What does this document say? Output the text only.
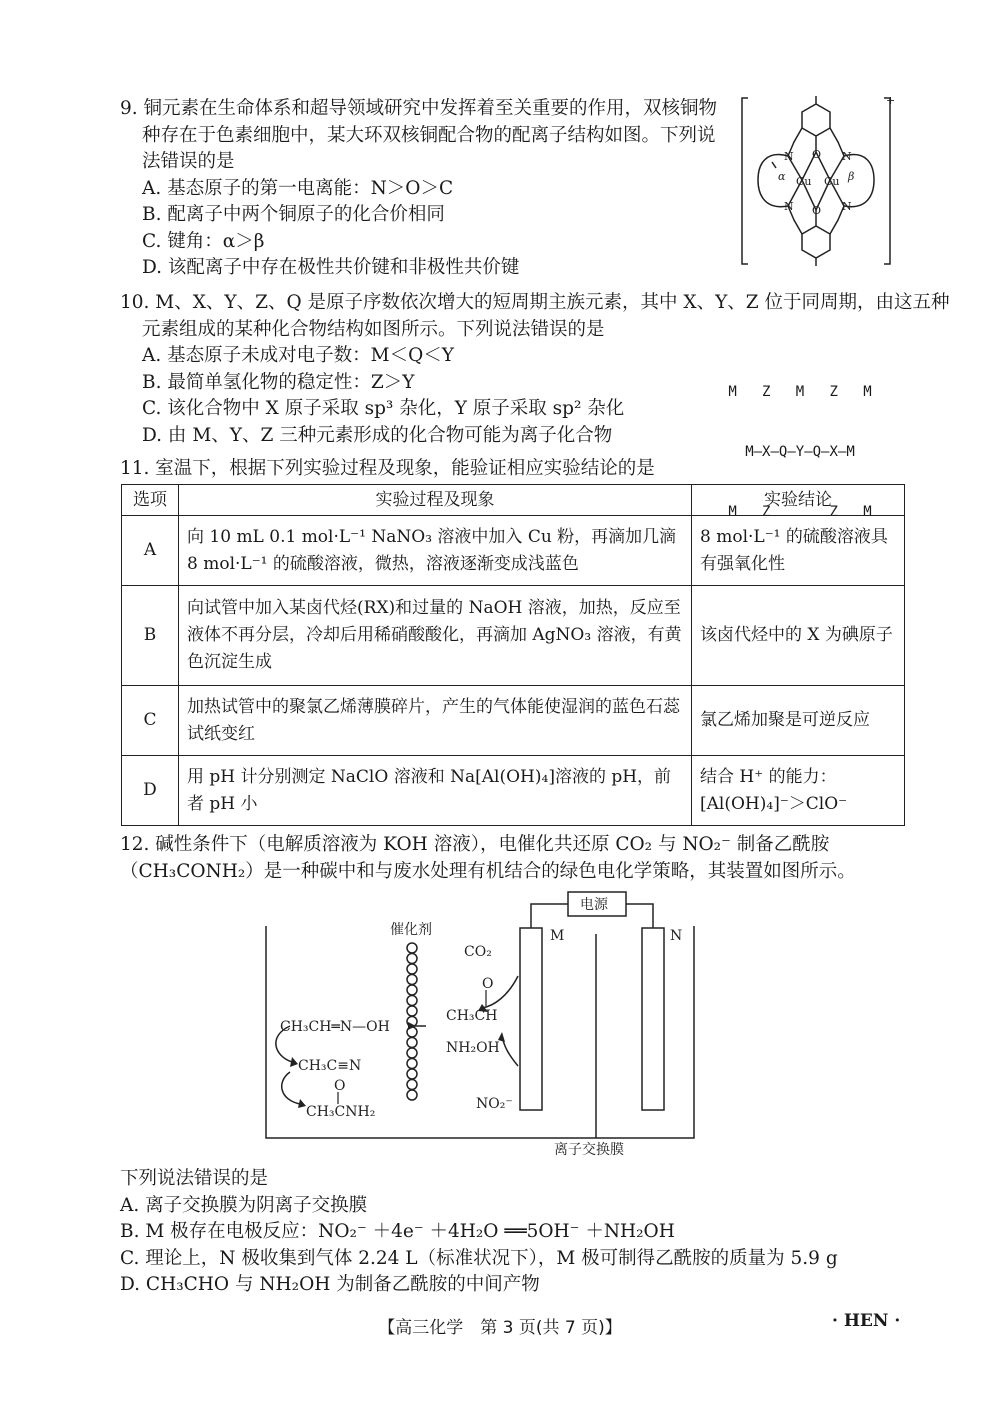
9. 铜元素在生命体系和超导领域研究中发挥着至关重要的作用，双核铜物
种存在于色素细胞中，某大环双核铜配合物的配离子结构如图。下列说
法错误的是
A. 基态原子的第一电离能：N＞O＞C
B. 配离子中两个铜原子的化合价相同
C. 键角：α＞β
D. 该配离子中存在极性共价键和非极性共价键
+
O
N	N
Cu Cu
N O N
α	β
10. M、X、Y、Z、Q 是原子序数依次增大的短周期主族元素，其中 X、Y、Z 位于同周期，由这五种
元素组成的某种化合物结构如图所示。下列说法错误的是
A. 基态原子未成对电子数：M＜Q＜Y
B. 最简单氢化物的稳定性：Z＞Y
C. 该化合物中 X 原子采取 sp³ 杂化，Y 原子采取 sp² 杂化
D. 由 M、Y、Z 三种元素形成的化合物可能为离子化合物

M   Z   M   Z   M

M—X—Q—Y—Q—X—M

M   Z       Z   M

11. 室温下，根据下列实验过程及现象，能验证相应实验结论的是
选项	实验过程及现象	实验结论
A	向 10 mL 0.1 mol·L⁻¹ NaNO₃ 溶液中加入 Cu 粉，再滴加几滴 8 mol·L⁻¹ 的硫酸溶液，微热，溶液逐渐变成浅蓝色	8 mol·L⁻¹ 的硫酸溶液具有强氧化性
B	向试管中加入某卤代烃(RX)和过量的 NaOH 溶液，加热，反应至液体不再分层，冷却后用稀硝酸酸化，再滴加 AgNO₃ 溶液，有黄色沉淀生成	该卤代烃中的 X 为碘原子
C	加热试管中的聚氯乙烯薄膜碎片，产生的气体能使湿润的蓝色石蕊试纸变红	氯乙烯加聚是可逆反应
D	用 pH 计分别测定 NaClO 溶液和 Na[Al(OH)₄]溶液的 pH，前者 pH 小	结合 H⁺ 的能力：[Al(OH)₄]⁻＞ClO⁻
12. 碱性条件下（电解质溶液为 KOH 溶液），电催化共还原 CO₂ 与 NO₂⁻ 制备乙酰胺
（CH₃CONH₂）是一种碳中和与废水处理有机结合的绿色电化学策略，其装置如图所示。
电源
催化剂	M	N
CO₂
O
CH₃CH
NH₂OH
NO₂⁻
CH₃CH═N—OH
CH₃C≡N
O
CH₃CNH₂
离子交换膜
下列说法错误的是
A. 离子交换膜为阴离子交换膜
B. M 极存在电极反应：NO₂⁻ ＋4e⁻ ＋4H₂O ══5OH⁻ ＋NH₂OH
C. 理论上，N 极收集到气体 2.24 L（标准状况下），M 极可制得乙酰胺的质量为 5.9 g
D. CH₃CHO 与 NH₂OH 为制备乙酰胺的中间产物
【高三化学　第 3 页(共 7 页)】	· HEN ·
